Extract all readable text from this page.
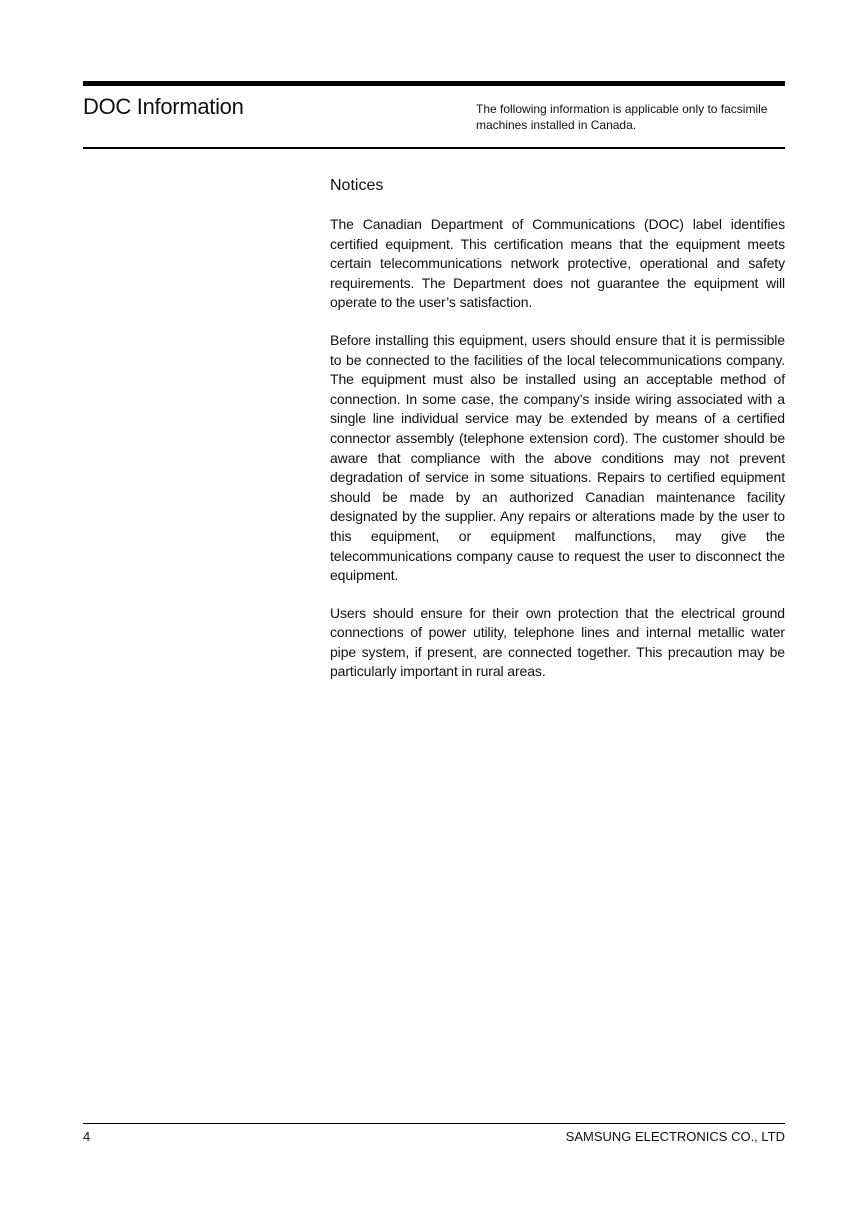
DOC Information	The following information is applicable only to facsimile machines installed in Canada.
Notices

The Canadian Department of Communications (DOC) label identifies certified equipment. This certification means that the equipment meets certain telecommunications network protective, operational and safety requirements. The Department does not guarantee the equipment will operate to the user’s satisfaction.

Before installing this equipment, users should ensure that it is permissible to be connected to the facilities of the local telecommunications company. The equipment must also be installed using an acceptable method of connection. In some case, the company’s inside wiring associated with a single line individual service may be extended by means of a certified connector assembly (telephone extension cord). The customer should be aware that compliance with the above conditions may not prevent degradation of service in some situations. Repairs to certified equipment should be made by an authorized Canadian maintenance facility designated by the supplier. Any repairs or alterations made by the user to this equipment, or equipment malfunctions, may give the telecommunications company cause to request the user to disconnect the equipment.

Users should ensure for their own protection that the electrical ground connections of power utility, telephone lines and internal metallic water pipe system, if present, are connected together. This precaution may be particularly important in rural areas.

4	SAMSUNG ELECTRONICS CO., LTD
